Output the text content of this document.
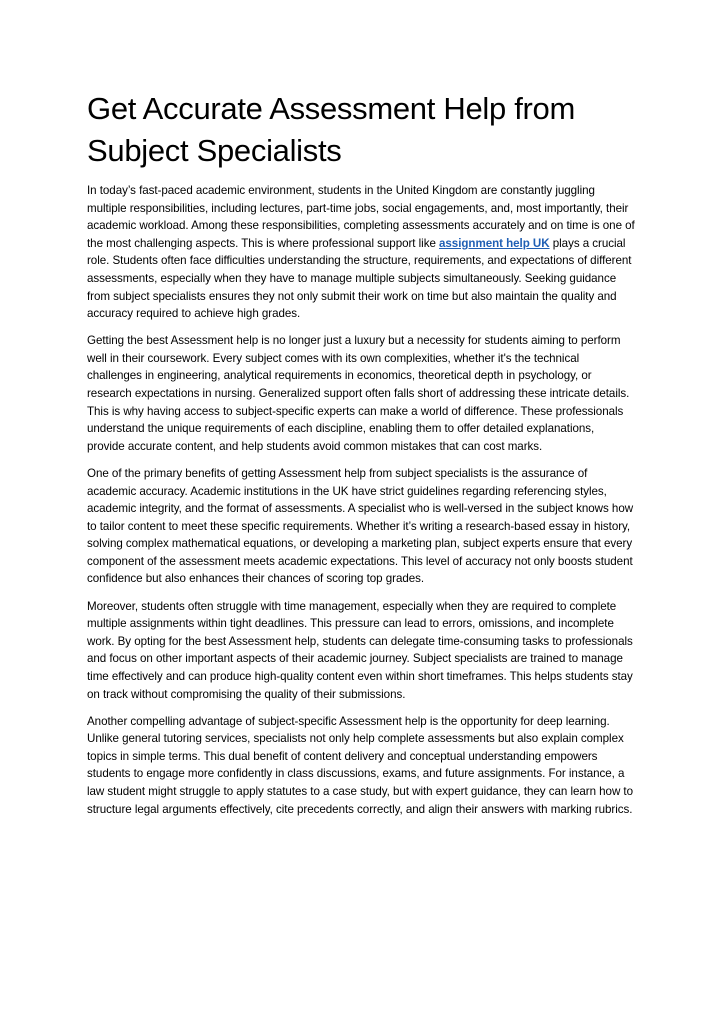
Get Accurate Assessment Help from Subject Specialists

In today’s fast-paced academic environment, students in the United Kingdom are constantly juggling multiple responsibilities, including lectures, part-time jobs, social engagements, and, most importantly, their academic workload. Among these responsibilities, completing assessments accurately and on time is one of the most challenging aspects. This is where professional support like assignment help UK plays a crucial role. Students often face difficulties understanding the structure, requirements, and expectations of different assessments, especially when they have to manage multiple subjects simultaneously. Seeking guidance from subject specialists ensures they not only submit their work on time but also maintain the quality and accuracy required to achieve high grades.

Getting the best Assessment help is no longer just a luxury but a necessity for students aiming to perform well in their coursework. Every subject comes with its own complexities, whether it's the technical challenges in engineering, analytical requirements in economics, theoretical depth in psychology, or research expectations in nursing. Generalized support often falls short of addressing these intricate details. This is why having access to subject-specific experts can make a world of difference. These professionals understand the unique requirements of each discipline, enabling them to offer detailed explanations, provide accurate content, and help students avoid common mistakes that can cost marks.

One of the primary benefits of getting Assessment help from subject specialists is the assurance of academic accuracy. Academic institutions in the UK have strict guidelines regarding referencing styles, academic integrity, and the format of assessments. A specialist who is well-versed in the subject knows how to tailor content to meet these specific requirements. Whether it’s writing a research-based essay in history, solving complex mathematical equations, or developing a marketing plan, subject experts ensure that every component of the assessment meets academic expectations. This level of accuracy not only boosts student confidence but also enhances their chances of scoring top grades.

Moreover, students often struggle with time management, especially when they are required to complete multiple assignments within tight deadlines. This pressure can lead to errors, omissions, and incomplete work. By opting for the best Assessment help, students can delegate time-consuming tasks to professionals and focus on other important aspects of their academic journey. Subject specialists are trained to manage time effectively and can produce high-quality content even within short timeframes. This helps students stay on track without compromising the quality of their submissions.

Another compelling advantage of subject-specific Assessment help is the opportunity for deep learning. Unlike general tutoring services, specialists not only help complete assessments but also explain complex topics in simple terms. This dual benefit of content delivery and conceptual understanding empowers students to engage more confidently in class discussions, exams, and future assignments. For instance, a law student might struggle to apply statutes to a case study, but with expert guidance, they can learn how to structure legal arguments effectively, cite precedents correctly, and align their answers with marking rubrics.
